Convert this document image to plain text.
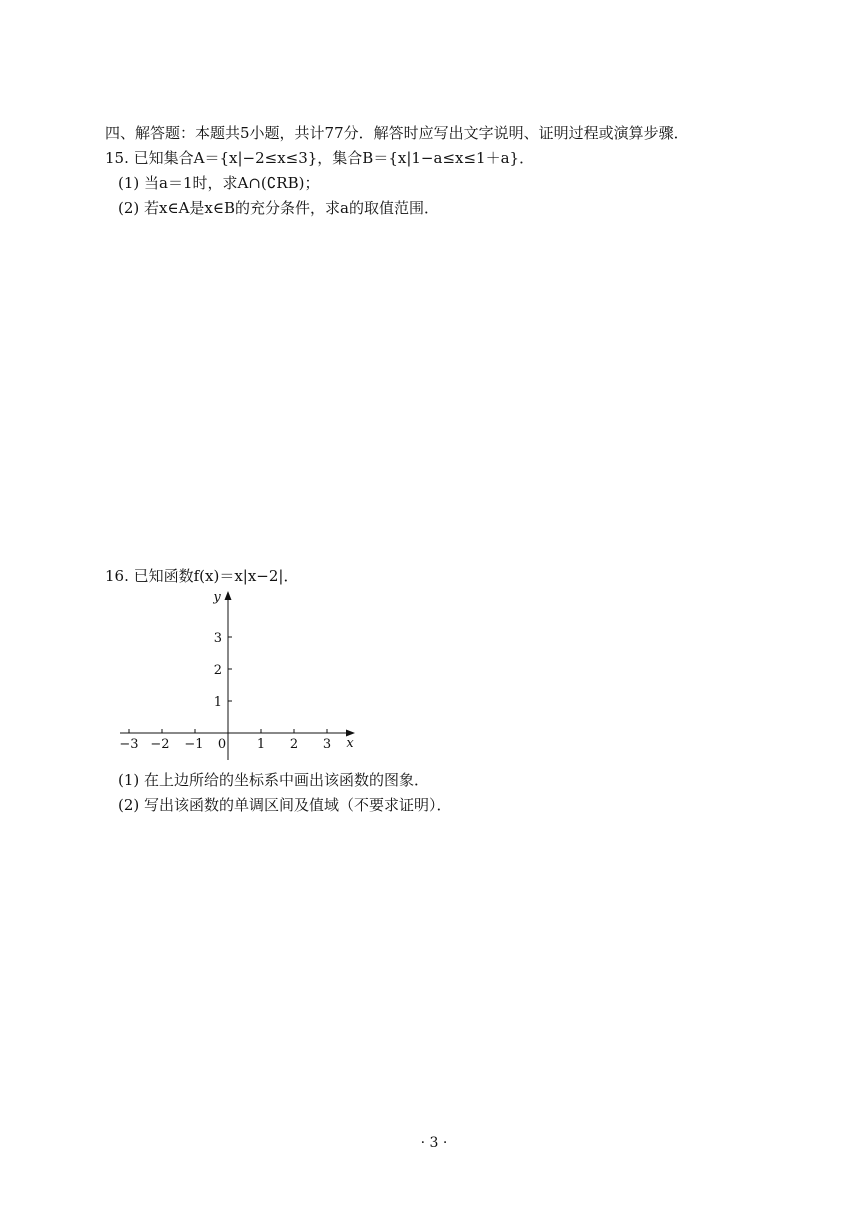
四、解答题：本题共5小题，共计77分．解答时应写出文字说明、证明过程或演算步骤．
15. 已知集合A＝{x|−2≤x≤3}，集合B＝{x|1−a≤x≤1＋a}．
(1) 当a＝1时，求A∩(∁RB)；
(2) 若x∈A是x∈B的充分条件，求a的取值范围．
16. 已知函数f(x)＝x|x−2|．
−3 −2 −1 0 1 2 3
1
2
3
x
y
(1) 在上边所给的坐标系中画出该函数的图象．
(2) 写出该函数的单调区间及值域（不要求证明）．
· 3 ·
